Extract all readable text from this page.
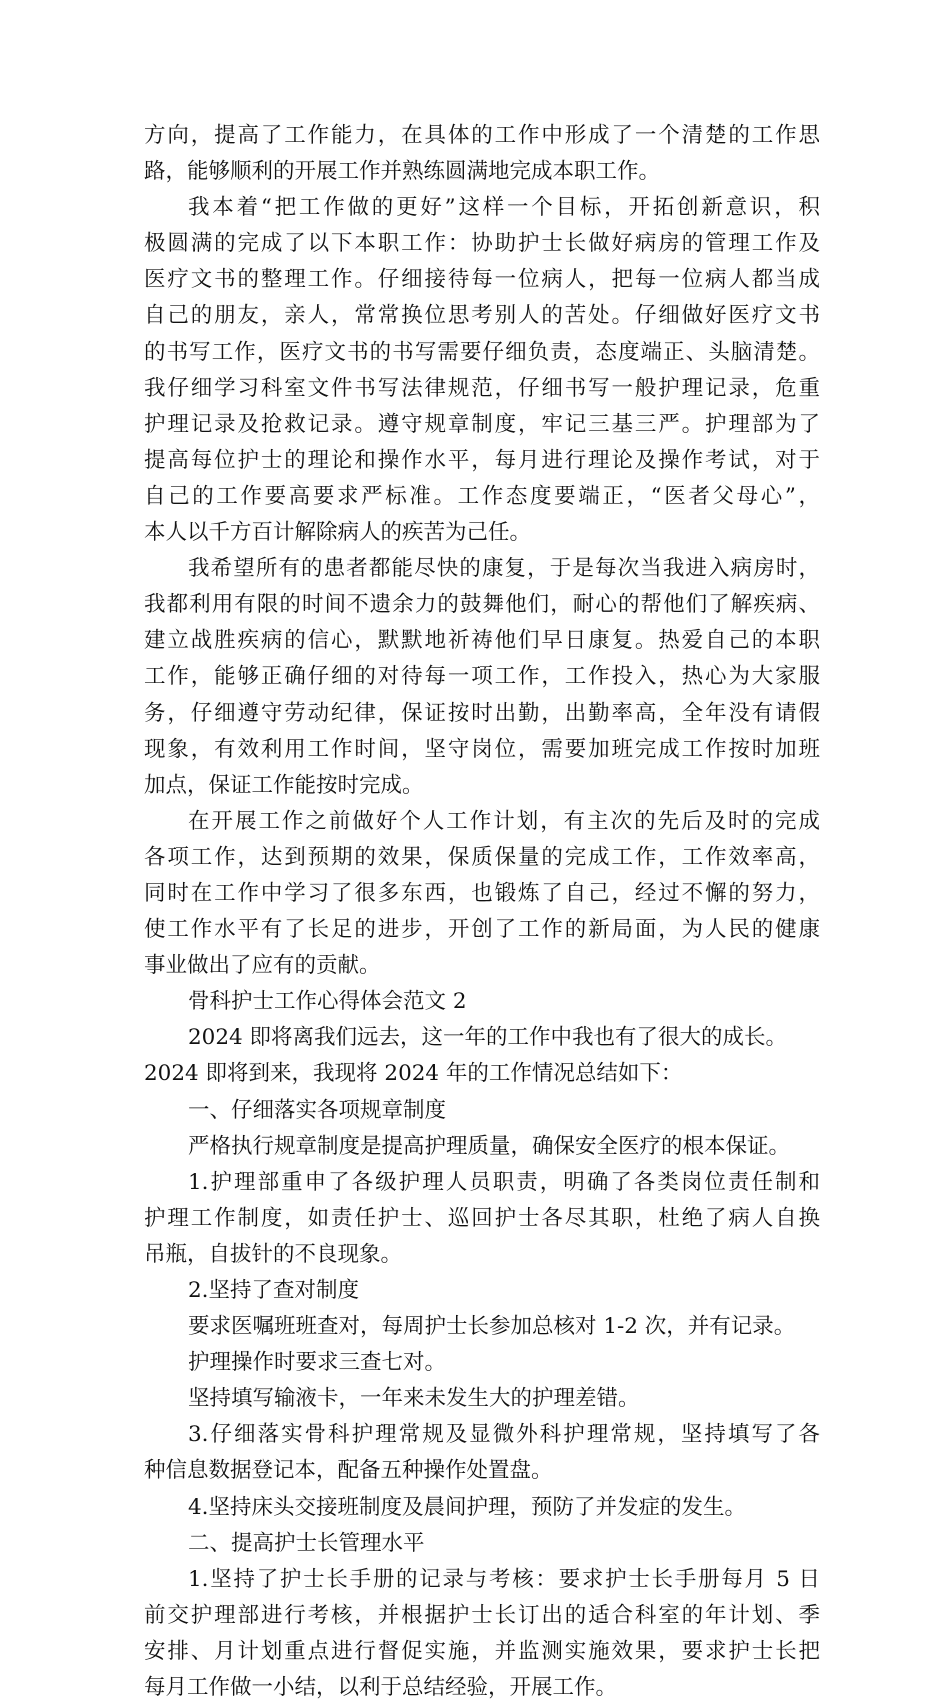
方向，提高了工作能力，在具体的工作中形成了一个清楚的工作思
路，能够顺利的开展工作并熟练圆满地完成本职工作。
我本着“把工作做的更好”这样一个目标，开拓创新意识，积
极圆满的完成了以下本职工作：协助护士长做好病房的管理工作及
医疗文书的整理工作。仔细接待每一位病人，把每一位病人都当成
自己的朋友，亲人，常常换位思考别人的苦处。仔细做好医疗文书
的书写工作，医疗文书的书写需要仔细负责，态度端正、头脑清楚。
我仔细学习科室文件书写法律规范，仔细书写一般护理记录，危重
护理记录及抢救记录。遵守规章制度，牢记三基三严。护理部为了
提高每位护士的理论和操作水平，每月进行理论及操作考试，对于
自己的工作要高要求严标准。工作态度要端正，“医者父母心”，
本人以千方百计解除病人的疾苦为己任。
我希望所有的患者都能尽快的康复，于是每次当我进入病房时，
我都利用有限的时间不遗余力的鼓舞他们，耐心的帮他们了解疾病、
建立战胜疾病的信心，默默地祈祷他们早日康复。热爱自己的本职
工作，能够正确仔细的对待每一项工作，工作投入，热心为大家服
务，仔细遵守劳动纪律，保证按时出勤，出勤率高，全年没有请假
现象，有效利用工作时间，坚守岗位，需要加班完成工作按时加班
加点，保证工作能按时完成。
在开展工作之前做好个人工作计划，有主次的先后及时的完成
各项工作，达到预期的效果，保质保量的完成工作，工作效率高，
同时在工作中学习了很多东西，也锻炼了自己，经过不懈的努力，
使工作水平有了长足的进步，开创了工作的新局面，为人民的健康
事业做出了应有的贡献。
骨科护士工作心得体会范文 2
2024 即将离我们远去，这一年的工作中我也有了很大的成长。
2024 即将到来，我现将 2024 年的工作情况总结如下：
一、仔细落实各项规章制度
严格执行规章制度是提高护理质量，确保安全医疗的根本保证。
1.护理部重申了各级护理人员职责，明确了各类岗位责任制和
护理工作制度，如责任护士、巡回护士各尽其职，杜绝了病人自换
吊瓶，自拔针的不良现象。
2.坚持了查对制度
要求医嘱班班查对，每周护士长参加总核对 1-2 次，并有记录。
护理操作时要求三查七对。
坚持填写输液卡，一年来未发生大的护理差错。
3.仔细落实骨科护理常规及显微外科护理常规，坚持填写了各
种信息数据登记本，配备五种操作处置盘。
4.坚持床头交接班制度及晨间护理，预防了并发症的发生。
二、提高护士长管理水平
1.坚持了护士长手册的记录与考核：要求护士长手册每月 5 日
前交护理部进行考核，并根据护士长订出的适合科室的年计划、季
安排、月计划重点进行督促实施，并监测实施效果，要求护士长把
每月工作做一小结，以利于总结经验，开展工作。
